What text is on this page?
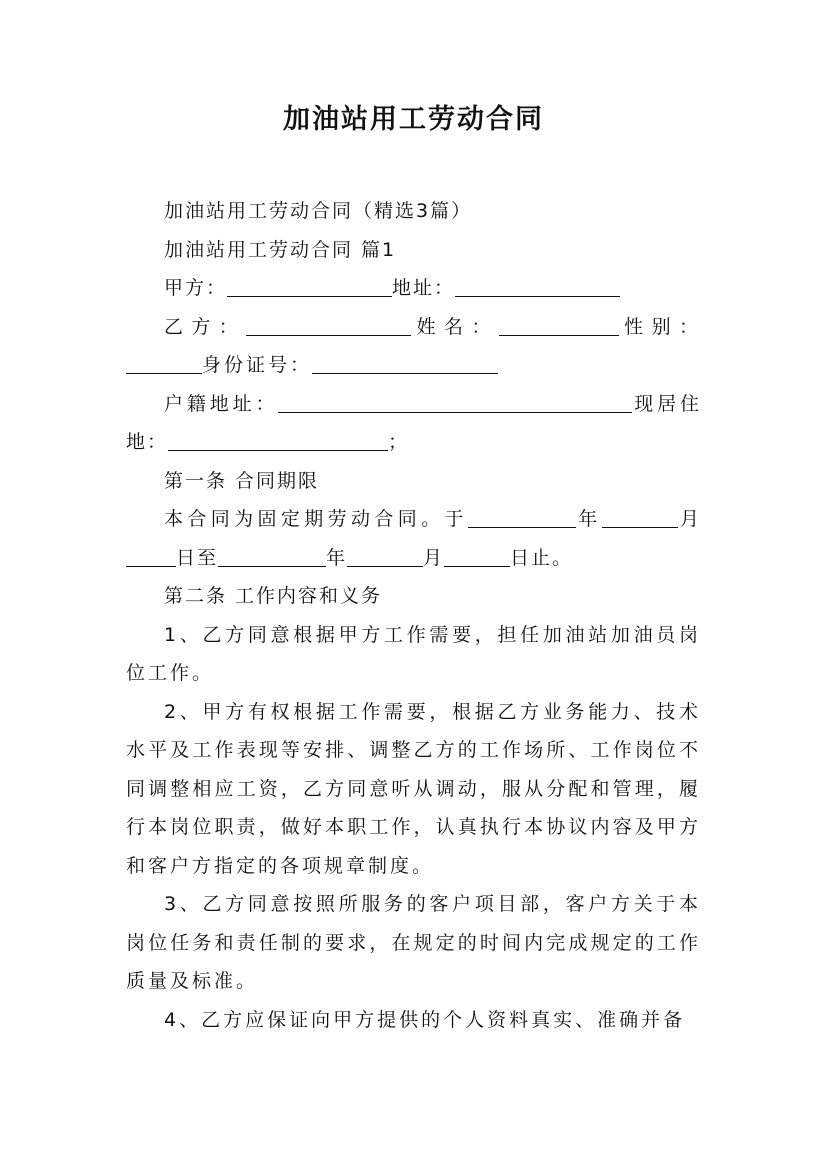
加油站用工劳动合同

加油站用工劳动合同（精选3篇）

加油站用工劳动合同 篇1

甲方：	地址：

乙方：	姓名：	性别：身份证号：

户籍地址：	现居住地：	；

第一条 合同期限

本合同为固定期劳动合同。于	年	月日至	年	月	日止。

第二条 工作内容和义务

1、乙方同意根据甲方工作需要，担任加油站加油员岗位工作。

2、甲方有权根据工作需要，根据乙方业务能力、技术水平及工作表现等安排、调整乙方的工作场所、工作岗位不同调整相应工资，乙方同意听从调动，服从分配和管理，履行本岗位职责，做好本职工作，认真执行本协议内容及甲方和客户方指定的各项规章制度。

3、乙方同意按照所服务的客户项目部，客户方关于本岗位任务和责任制的要求，在规定的时间内完成规定的工作质量及标准。

4、乙方应保证向甲方提供的个人资料真实、准确并备
